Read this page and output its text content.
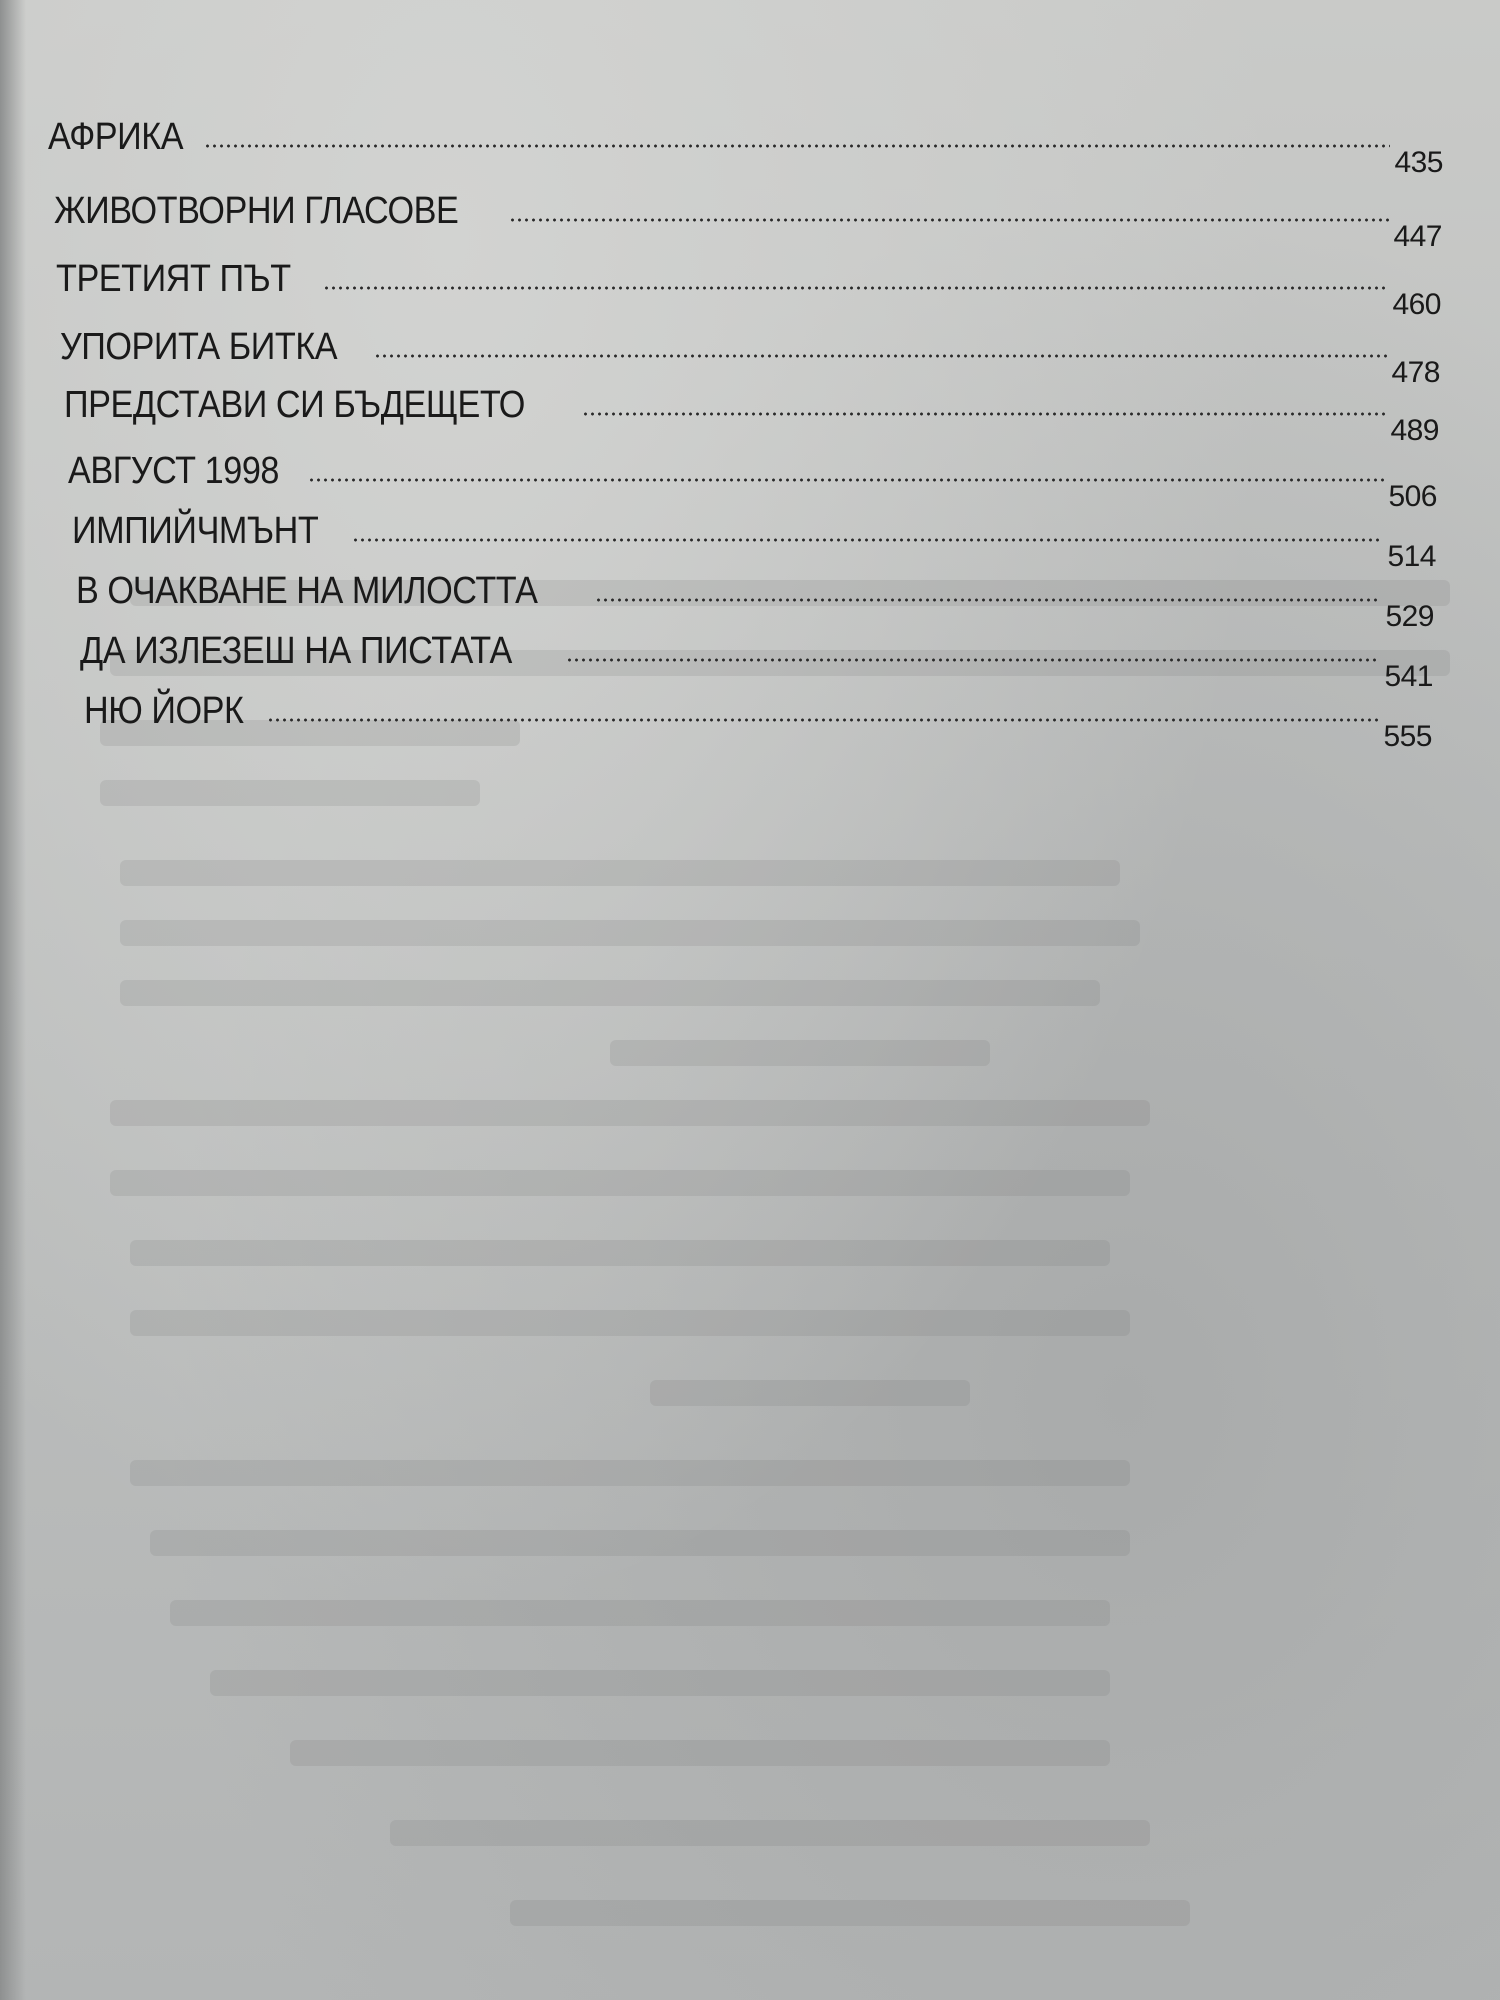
АФРИКА
435
ЖИВОТВОРНИ ГЛАСОВЕ
447
ТРЕТИЯТ ПЪТ
460
УПОРИТА БИТКА
478
ПРЕДСТАВИ СИ БЪДЕЩЕТО
489
АВГУСТ 1998
506
ИМПИЙЧМЪНТ
514
В ОЧАКВАНЕ НА МИЛОСТТА
529
ДА ИЗЛЕЗЕШ НА ПИСТАТА
541
НЮ ЙОРК
555
